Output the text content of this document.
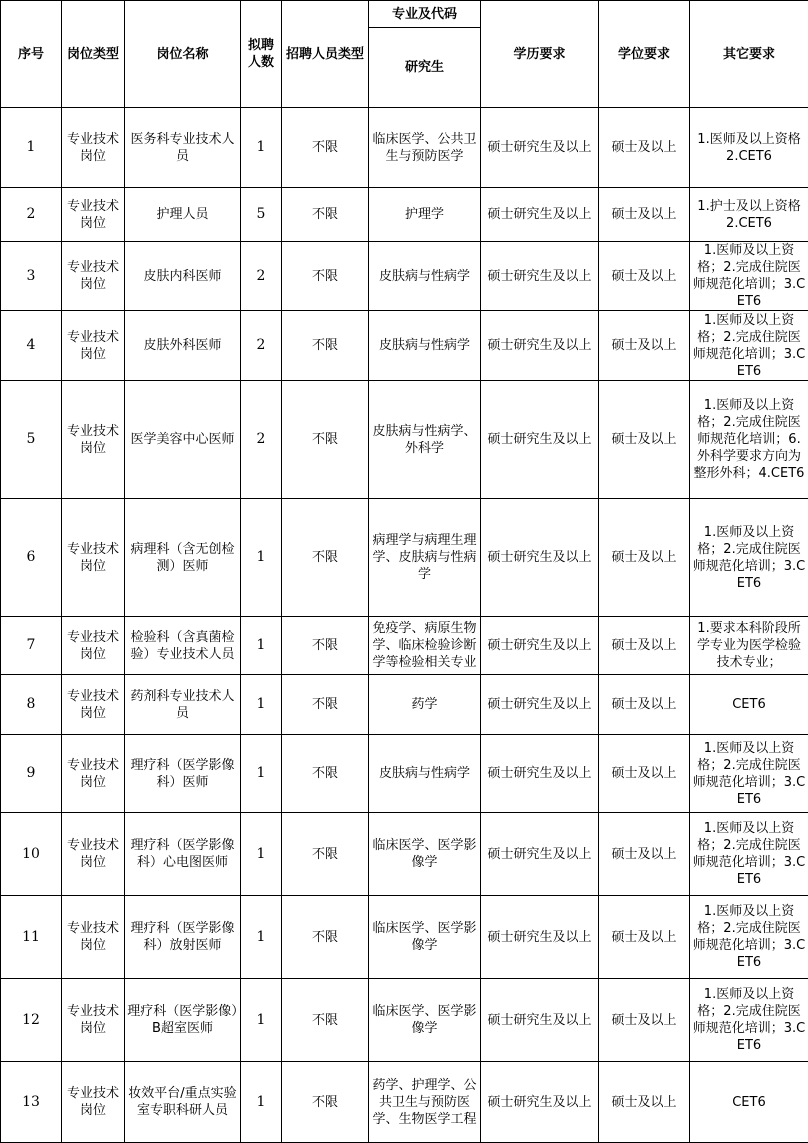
序号	岗位类型	岗位名称	拟聘人数	招聘人员类型	专业及代码	学历要求	学位要求	其它要求
					研究生			
1	专业技术岗位	医务科专业技术人员	1	不限	临床医学、公共卫生与预防医学	硕士研究生及以上	硕士及以上	1.医师及以上资格 2.CET6
2	专业技术岗位	护理人员	5	不限	护理学	硕士研究生及以上	硕士及以上	1.护士及以上资格 2.CET6
3	专业技术岗位	皮肤内科医师	2	不限	皮肤病与性病学	硕士研究生及以上	硕士及以上	1.医师及以上资格；2.完成住院医师规范化培训；3.CET6
4	专业技术岗位	皮肤外科医师	2	不限	皮肤病与性病学	硕士研究生及以上	硕士及以上	1.医师及以上资格；2.完成住院医师规范化培训；3.CET6
5	专业技术岗位	医学美容中心医师	2	不限	皮肤病与性病学、外科学	硕士研究生及以上	硕士及以上	1.医师及以上资格；2.完成住院医师规范化培训；6.外科学要求方向为整形外科；4.CET6
6	专业技术岗位	病理科（含无创检测）医师	1	不限	病理学与病理生理学、皮肤病与性病学	硕士研究生及以上	硕士及以上	1.医师及以上资格；2.完成住院医师规范化培训；3.CET6
7	专业技术岗位	检验科（含真菌检验）专业技术人员	1	不限	免疫学、病原生物学、临床检验诊断学等检验相关专业	硕士研究生及以上	硕士及以上	1.要求本科阶段所学专业为医学检验技术专业；
8	专业技术岗位	药剂科专业技术人员	1	不限	药学	硕士研究生及以上	硕士及以上	CET6
9	专业技术岗位	理疗科（医学影像科）医师	1	不限	皮肤病与性病学	硕士研究生及以上	硕士及以上	1.医师及以上资格；2.完成住院医师规范化培训；3.CET6
10	专业技术岗位	理疗科（医学影像科）心电图医师	1	不限	临床医学、医学影像学	硕士研究生及以上	硕士及以上	1.医师及以上资格；2.完成住院医师规范化培训；3.CET6
11	专业技术岗位	理疗科（医学影像科）放射医师	1	不限	临床医学、医学影像学	硕士研究生及以上	硕士及以上	1.医师及以上资格；2.完成住院医师规范化培训；3.CET6
12	专业技术岗位	理疗科（医学影像）B超室医师	1	不限	临床医学、医学影像学	硕士研究生及以上	硕士及以上	1.医师及以上资格；2.完成住院医师规范化培训；3.CET6
13	专业技术岗位	妆效平台/重点实验室专职科研人员	1	不限	药学、护理学、公共卫生与预防医学、生物医学工程	硕士研究生及以上	硕士及以上	CET6
